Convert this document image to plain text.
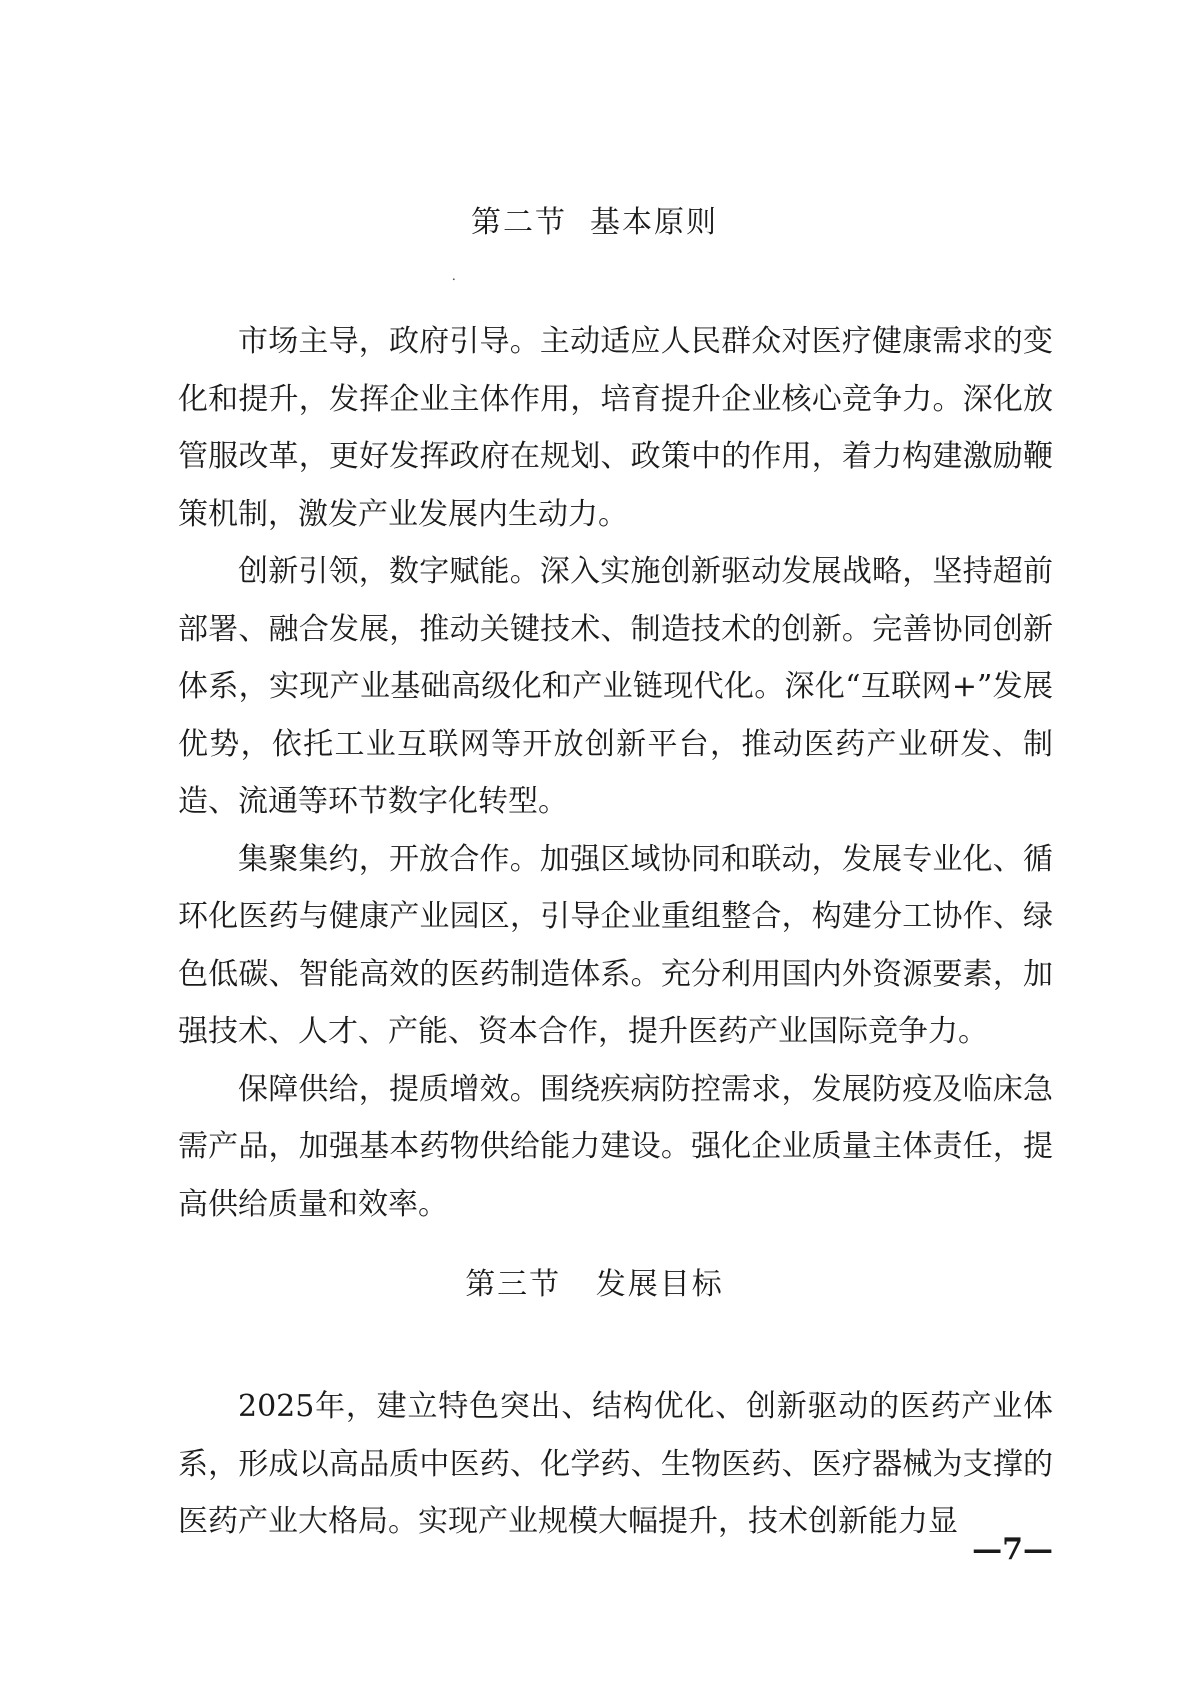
第二节  基本原则
·

市场主导，政府引导。主动适应人民群众对医疗健康需求的变化和提升，发挥企业主体作用，培育提升企业核心竞争力。深化放管服改革，更好发挥政府在规划、政策中的作用，着力构建激励鞭策机制，激发产业发展内生动力。

创新引领，数字赋能。深入实施创新驱动发展战略，坚持超前部署、融合发展，推动关键技术、制造技术的创新。完善协同创新体系，实现产业基础高级化和产业链现代化。深化“互联网+”发展优势，依托工业互联网等开放创新平台，推动医药产业研发、制造、流通等环节数字化转型。

集聚集约，开放合作。加强区域协同和联动，发展专业化、循环化医药与健康产业园区，引导企业重组整合，构建分工协作、绿色低碳、智能高效的医药制造体系。充分利用国内外资源要素，加强技术、人才、产能、资本合作，提升医药产业国际竞争力。

保障供给，提质增效。围绕疾病防控需求，发展防疫及临床急需产品，加强基本药物供给能力建设。强化企业质量主体责任，提高供给质量和效率。

第三节   发展目标

2025年，建立特色突出、结构优化、创新驱动的医药产业体系，形成以高品质中医药、化学药、生物医药、医疗器械为支撑的医药产业大格局。实现产业规模大幅提升，技术创新能力显

—7—
